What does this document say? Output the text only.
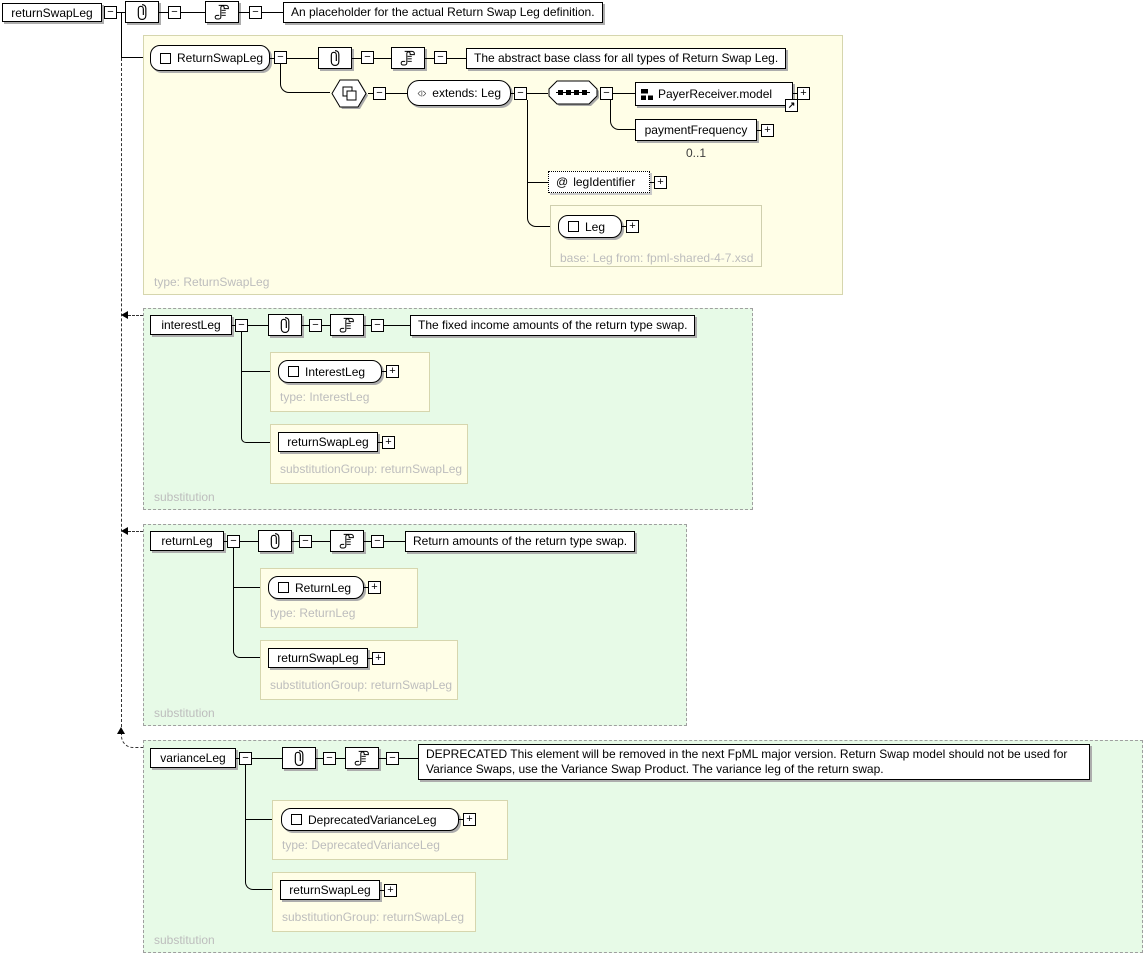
returnSwapLeg −	−	−	An placeholder for the actual Return Swap Leg definition.
type: ReturnSwapLeg
ReturnSwapLeg −	−	−	The abstract base class for all types of Return Swap Leg.
−	extends: Leg −	−	PayerReceiver.model	+
↗
paymentFrequency +
0..1
@ legIdentifier +
Leg +
base: Leg from: fpml-shared-4-7.xsd
substitution
interestLeg −	−	−	The fixed income amounts of the return type swap.
type: InterestLeg
InterestLeg +
substitutionGroup: returnSwapLeg
returnSwapLeg +
substitution
returnLeg −	−	−	Return amounts of the return type swap.
type: ReturnLeg
ReturnLeg +
substitutionGroup: returnSwapLeg
returnSwapLeg +
substitution
varianceLeg −	−	−	DEPRECATED This element will be removed in the next FpML major version. Return Swap model should not be used for Variance Swaps, use the Variance Swap Product. The variance leg of the return swap.
type: DeprecatedVarianceLeg
DeprecatedVarianceLeg	+
substitutionGroup: returnSwapLeg
returnSwapLeg +
